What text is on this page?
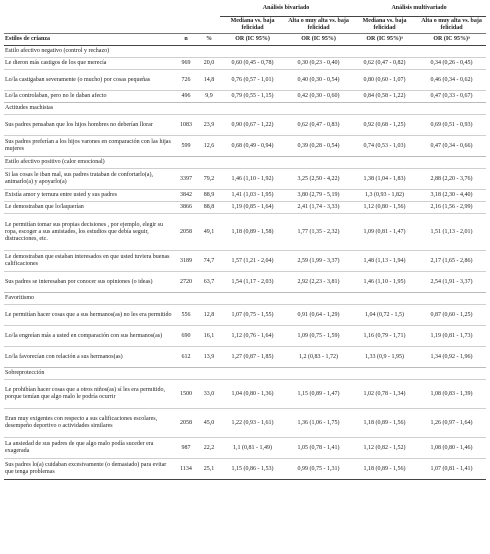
			Análisis bivariado		Análisis multivariado	
			Mediana vs. baja felicidad	Alta o muy alta vs. baja felicidad	Mediana vs. baja felicidad	Alta o muy alta vs. baja felicidad
Estilos de crianza	n	%	OR (IC 95%)	OR (IC 95%)	OR (IC 95%)ᵃ	OR (IC 95%)ᵃ
Estilo afectivo negativo (control y rechazo)						
Le dieron más castigos de los que merecía	969	20,0	0,60 (0,45 - 0,78)	0,30 (0,23 - 0,40)	0,62 (0,47 - 0,82)	0,34 (0,26 - 0,45)
Lo/la castigaban severamente (o mucho) por cosas pequeñas	726	14,8	0,76 (0,57 - 1,01)	0,40 (0,30 - 0,54)	0,80 (0,60 - 1,07)	0,46 (0,34 - 0,62)
Lo/la controlaban, pero no le daban afecto	496	9,9	0,79 (0,55 - 1,15)	0,42 (0,30 - 0,60)	0,84 (0,58 - 1,22)	0,47 (0,33 - 0,67)
Actitudes machistas						
Sus padres pensaban que los hijos hombres no deberían llorar	1083	23,9	0,90 (0,67 - 1,22)	0,62 (0,47 - 0,83)	0,92 (0,68 - 1,25)	0,69 (0,51 - 0,93)
Sus padres preferían a los hijos varones en comparación con las hijas mujeres	599	12,6	0,68 (0,49 - 0,94)	0,39 (0,28 - 0,54)	0,74 (0,53 - 1,03)	0,47 (0,34 - 0,66)
Estilo afectivo positivo (calor emocional)						
Si las cosas le iban mal, sus padres trataban de confortarlo(a), animarlo(a) y apoyarlo(a)	3397	79,2	1,46 (1,10 - 1,92)	3,25 (2,50 - 4,22)	1,38 (1,04 - 1,83)	2,88 (2,20 - 3,76)
Existía amor y ternura entre usted y sus padres	3842	88,9	1,41 (1,03 - 1,95)	3,80 (2,79 - 5,19)	1,3 (0,93 - 1,82)	3,18 (2,30 - 4,40)
Le demostraban que lo/laquerían	3866	88,8	1,19 (0,85 - 1,64)	2,41 (1,74 - 3,33)	1,12 (0,80 - 1,56)	2,16 (1,56 - 2,99)
Le permitían tomar sus propias decisiones , por ejemplo, elegir su ropa, escoger a sus amistades, los estudios que debía seguir, distracciones, etc.	2058	49,1	1,18 (0,89 - 1,58)	1,77 (1,35 - 2,32)	1,09 (0,81 - 1,47)	1,51 (1,13 - 2,01)
Le demostraban que estaban interesados en que usted tuviera buenas calificaciones	3189	74,7	1,57 (1,21 - 2,04)	2,59 (1,99 - 3,37)	1,48 (1,13 - 1,94)	2,17 (1,65 - 2,86)
Sus padres se interesaban por conocer sus opiniones (o ideas)	2720	63,7	1,54 (1,17 - 2,03)	2,92 (2,23 - 3,81)	1,46 (1,10 - 1,95)	2,54 (1,91 - 3,37)
Favoritismo						
Le permitían hacer cosas que a sus hermanos(as) no les era permitido	556	12,8	1,07 (0,75 - 1,55)	0,91 (0,64 - 1,29)	1,04 (0,72 - 1,5)	0,87 (0,60 - 1,25)
Lo/la engreían más a usted en comparación con sus hermanos(as)	690	16,1	1,12 (0,76 - 1,64)	1,09 (0,75 - 1,59)	1,16 (0,79 - 1,71)	1,19 (0,81 - 1,73)
Lo/la favorecían con relación a sus hermanos(as)	612	13,9	1,27 (0,87 - 1,85)	1,2 (0,83 - 1,72)	1,33 (0,9 - 1,95)	1,34 (0,92 - 1,96)
Sobreprotección						
Le prohibían hacer cosas que a otros niños(as) sí les era permitido, porque temían que algo malo le podría ocurrir	1500	33,0	1,04 (0,80 - 1,36)	1,15 (0,89 - 1,47)	1,02 (0,78 - 1,34)	1,08 (0,83 - 1,39)
Eran muy exigentes con respecto a sus calificaciones escolares, desempeño deportivo o actividades similares	2058	45,0	1,22 (0,93 - 1,61)	1,36 (1,06 - 1,75)	1,18 (0,89 - 1,56)	1,26 (0,97 - 1,64)
La ansiedad de sus padres de que algo malo podía suceder era exagerada	987	22,2	1,1 (0,81 - 1,49)	1,05 (0,78 - 1,41)	1,12 (0,82 - 1,52)	1,08 (0,80 - 1,46)
Sus padres lo(a) cuidaban excesivamente (o demasiado) para evitar que tenga problemas	1134	25,1	1,15 (0,86 - 1,53)	0,99 (0,75 - 1,31)	1,18 (0,89 - 1,56)	1,07 (0,81 - 1,41)
